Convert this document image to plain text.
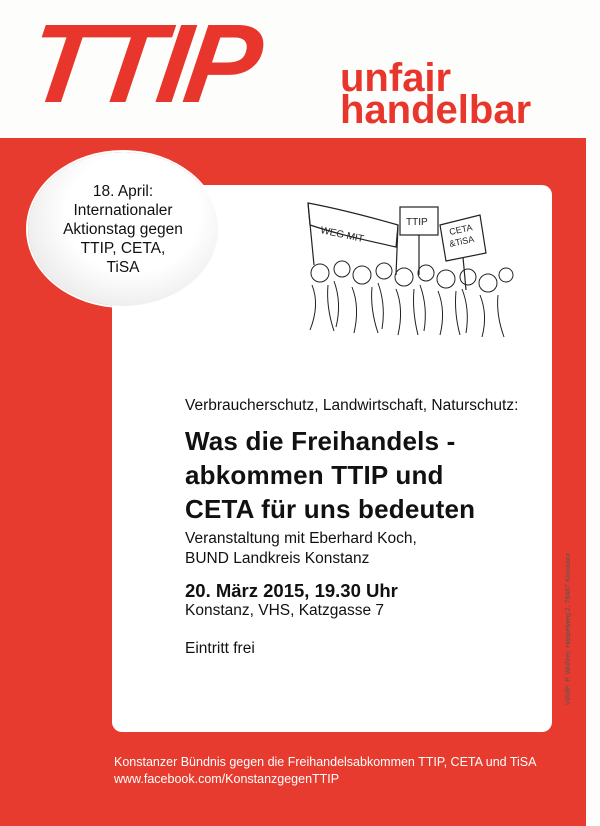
TTIP unfair
handelbar
18. April:
Internationaler
Aktionstag gegen
TTIP, CETA,
TiSA
WEG MIT
TTIP CETA
&TiSA
Verbraucherschutz, Landwirtschaft, Naturschutz:
Was die Freihandels -
abkommen TTIP und
CETA für uns bedeuten
Veranstaltung mit Eberhard Koch,
BUND Landkreis Konstanz
20. März 2015, 19.30 Uhr
Konstanz, VHS, Katzgasse 7
Eintritt frei	ViSdP: P. Wuhrer, Haspelweg 2, 78467 Konstanz
Konstanzer Bündnis gegen die Freihandelsabkommen TTIP, CETA und TiSA
www.facebook.com/KonstanzgegenTTIP
